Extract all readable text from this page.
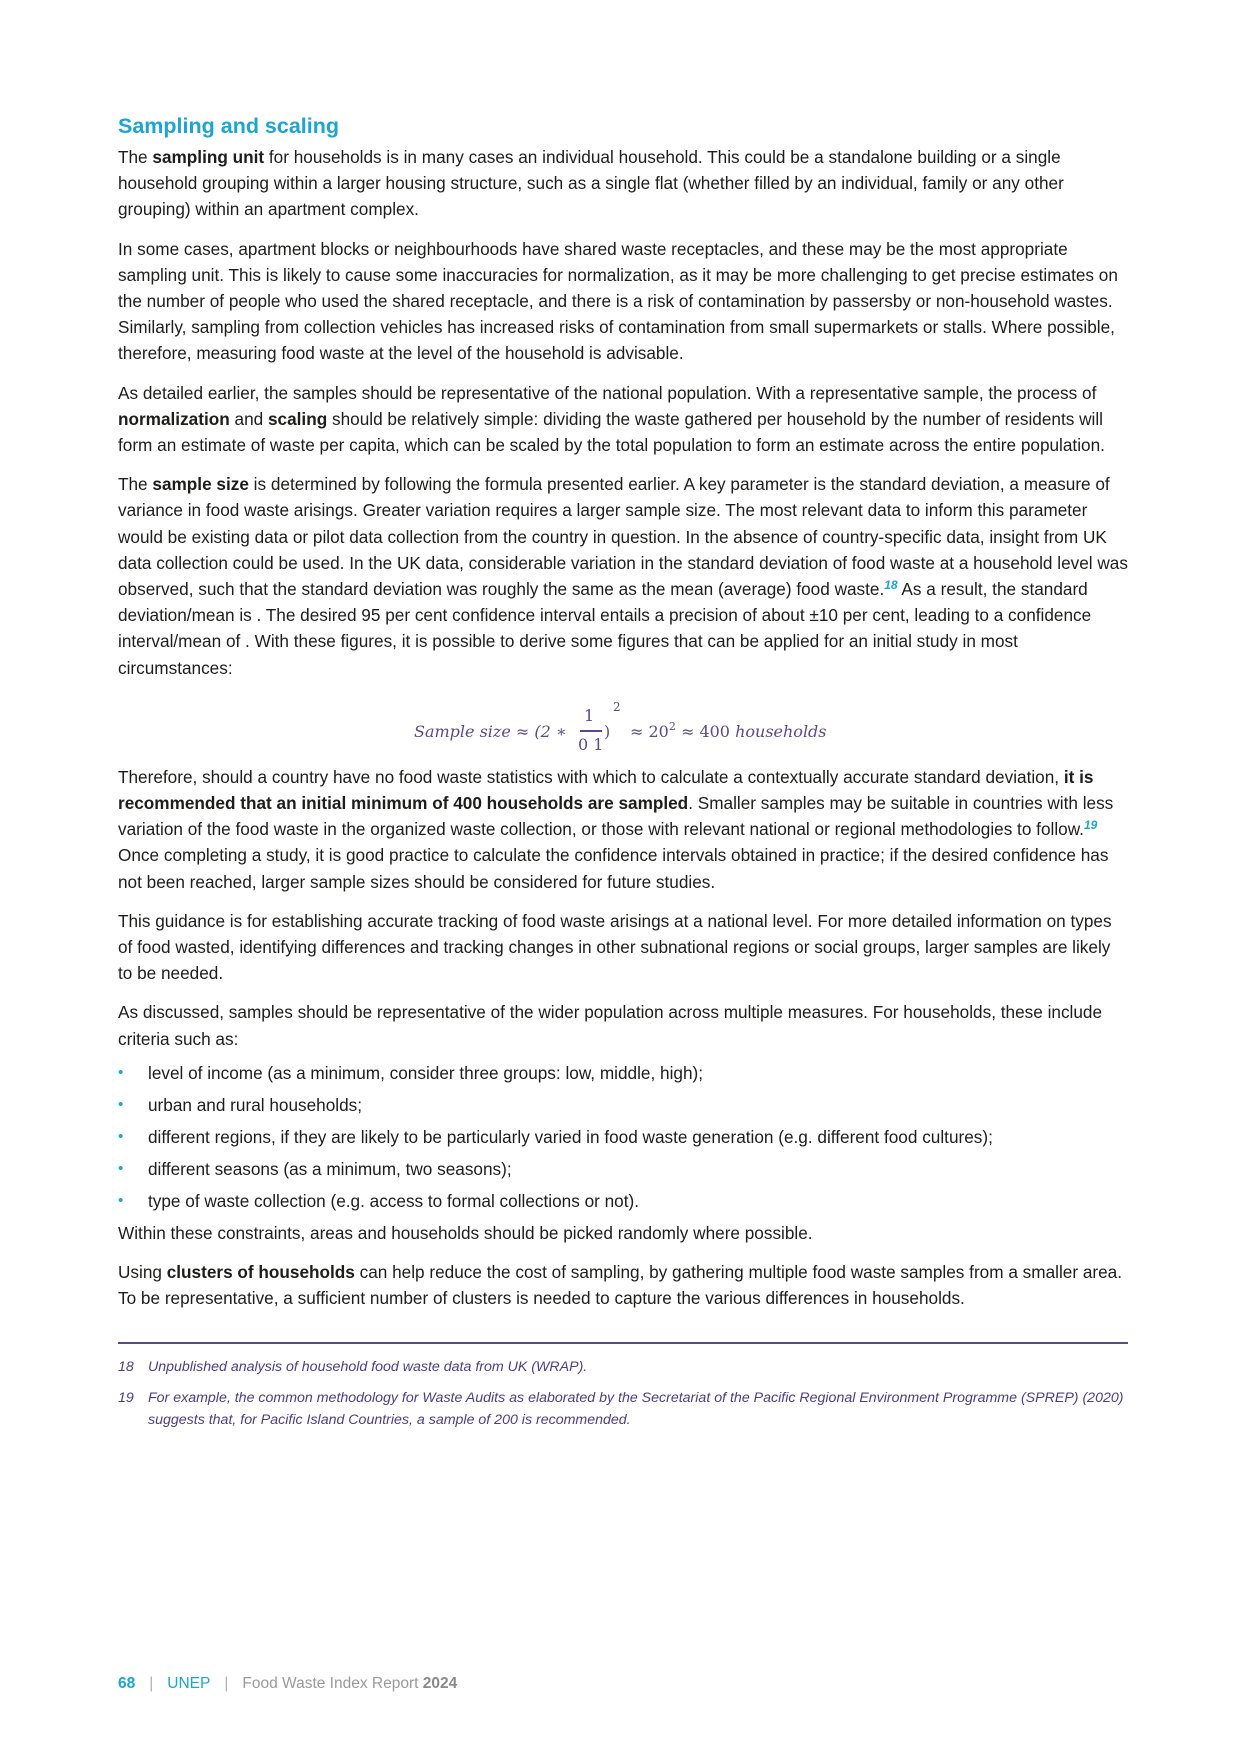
Sampling and scaling

The sampling unit for households is in many cases an individual household. This could be a standalone building or a single household grouping within a larger housing structure, such as a single flat (whether filled by an individual, family or any other grouping) within an apartment complex.

In some cases, apartment blocks or neighbourhoods have shared waste receptacles, and these may be the most appropriate sampling unit. This is likely to cause some inaccuracies for normalization, as it may be more challenging to get precise estimates on the number of people who used the shared receptacle, and there is a risk of contamination by passersby or non-household wastes. Similarly, sampling from collection vehicles has increased risks of contamination from small supermarkets or stalls. Where possible, therefore, measuring food waste at the level of the household is advisable.

As detailed earlier, the samples should be representative of the national population. With a representative sample, the process of normalization and scaling should be relatively simple: dividing the waste gathered per household by the number of residents will form an estimate of waste per capita, which can be scaled by the total population to form an estimate across the entire population.

The sample size is determined by following the formula presented earlier. A key parameter is the standard deviation, a measure of variance in food waste arisings. Greater variation requires a larger sample size. The most relevant data to inform this parameter would be existing data or pilot data collection from the country in question. In the absence of country-specific data, insight from UK data collection could be used. In the UK data, considerable variation in the standard deviation of food waste at a household level was observed, such that the standard deviation was roughly the same as the mean (average) food waste.$^{18}$ As a result, the standard deviation/mean is . The desired 95 per cent confidence interval entails a precision of about ±10 per cent, leading to a confidence interval/mean of . With these figures, it is possible to derive some figures that can be applied for an initial study in most circumstances:

Sample size ≈ (2 ∗
1
0 1
)
2
≈ $20^2 \approx 400$ households

Therefore, should a country have no food waste statistics with which to calculate a contextually accurate standard deviation, it is recommended that an initial minimum of 400 households are sampled. Smaller samples may be suitable in countries with less variation of the food waste in the organized waste collection, or those with relevant national or regional methodologies to follow.$^{19}$ Once completing a study, it is good practice to calculate the confidence intervals obtained in practice; if the desired confidence has not been reached, larger sample sizes should be considered for future studies.

This guidance is for establishing accurate tracking of food waste arisings at a national level. For more detailed information on types of food wasted, identifying differences and tracking changes in other subnational regions or social groups, larger samples are likely to be needed.

As discussed, samples should be representative of the wider population across multiple measures. For households, these include criteria such as:

• level of income (as a minimum, consider three groups: low, middle, high);
• urban and rural households;
• different regions, if they are likely to be particularly varied in food waste generation (e.g. different food cultures);
• different seasons (as a minimum, two seasons);
• type of waste collection (e.g. access to formal collections or not).

Within these constraints, areas and households should be picked randomly where possible.

Using clusters of households can help reduce the cost of sampling, by gathering multiple food waste samples from a smaller area. To be representative, a sufficient number of clusters is needed to capture the various differences in households.

18 Unpublished analysis of household food waste data from UK (WRAP).
19 For example, the common methodology for Waste Audits as elaborated by the Secretariat of the Pacific Regional Environment Programme (SPREP) (2020) suggests that, for Pacific Island Countries, a sample of 200 is recommended.
68 | UNEP | Food Waste Index Report 2024
